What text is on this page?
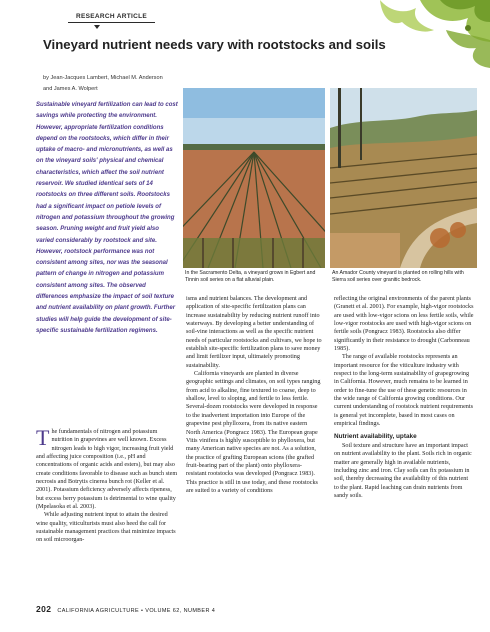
RESEARCH ARTICLE
Vineyard nutrient needs vary with rootstocks and soils
by Jean-Jacques Lambert, Michael M. Anderson
and James A. Wolpert
Sustainable vineyard fertilization can lead to cost savings while protecting the environment. However, appropriate fertilization conditions depend on the rootstocks, which differ in their uptake of macro- and micronutrients, as well as on the vineyard soils' physical and chemical characteristics, which affect the soil nutrient reservoir. We studied identical sets of 14 rootstocks on three different soils. Rootstocks had a significant impact on petiole levels of nitrogen and potassium throughout the growing season. Pruning weight and fruit yield also varied considerably by rootstock and site. However, rootstock performance was not consistent among sites, nor was the seasonal pattern of change in nitrogen and potassium consistent among sites. The observed differences emphasize the impact of soil texture and nutrient availability on plant growth. Further studies will help guide the development of site-specific sustainable fertilization regimens.
In the Sacramento Delta, a vineyard grows in Egbert and Tinnin soil series on a flat alluvial plain.
An Amador County vineyard is planted on rolling hills with Sierra soil series over granitic bedrock.

The fundamentals of nitrogen and potassium nutrition in grapevines are well known. Excess nitrogen leads to high vigor, increasing fruit yield and affecting juice composition (i.e., pH and concentrations of organic acids and esters), but may also create conditions favorable to disease such as bunch stem necrosis and Botrytis cinerea bunch rot (Keller et al. 2001). Potassium deficiency adversely affects ripeness, but excess berry potassium is detrimental to wine quality (Mpelasoka et al. 2003).

While adjusting nutrient input to attain the desired wine quality, viticulturists must also heed the call for sustainable management practices that minimize impacts on soil microorgan-

isms and nutrient balances. The development and application of site-specific fertilization plans can increase sustainability by reducing nutrient runoff into waterways. By developing a better understanding of soil-vine interactions as well as the specific nutrient needs of particular rootstocks and cultivars, we hope to establish site-specific fertilization plans to save money and limit fertilizer input, ultimately promoting sustainability.

California vineyards are planted in diverse geographic settings and climates, on soil types ranging from acid to alkaline, fine textured to coarse, deep to shallow, level to sloping, and fertile to less fertile. Several-dozen rootstocks were developed in response to the inadvertent importation into Europe of the grapevine pest phylloxera, from its native eastern North America (Pongracz 1983). The European grape Vitis vinifera is highly susceptible to phylloxera, but many American native species are not. As a solution, the practice of grafting European scions (the grafted fruit-bearing part of the plant) onto phylloxera-resistant rootstocks was developed (Pongracz 1983). This practice is still in use today, and these rootstocks are suited to a variety of conditions

reflecting the original environments of the parent plants (Granett et al. 2001). For example, high-vigor rootstocks are used with low-vigor scions on less fertile soils, while low-vigor rootstocks are used with high-vigor scions on fertile soils (Pongracz 1983). Rootstocks also differ significantly in their resistance to drought (Carbonneau 1985).

The range of available rootstocks represents an important resource for the viticulture industry with respect to the long-term sustainability of grapegrowing in California. However, much remains to be learned in order to fine-tune the use of these genetic resources in the wide range of California growing conditions. Our current understanding of rootstock nutrient requirements is general yet incomplete, based in most cases on empirical findings.

Nutrient availability, uptake

Soil texture and structure have an important impact on nutrient availability to the plant. Soils rich in organic matter are generally high in available nutrients, including zinc and iron. Clay soils can fix potassium in soil, thereby decreasing the availability of this nutrient to the plant. Rapid leaching can drain nutrients from sandy soils.

202 CALIFORNIA AGRICULTURE • VOLUME 62, NUMBER 4
